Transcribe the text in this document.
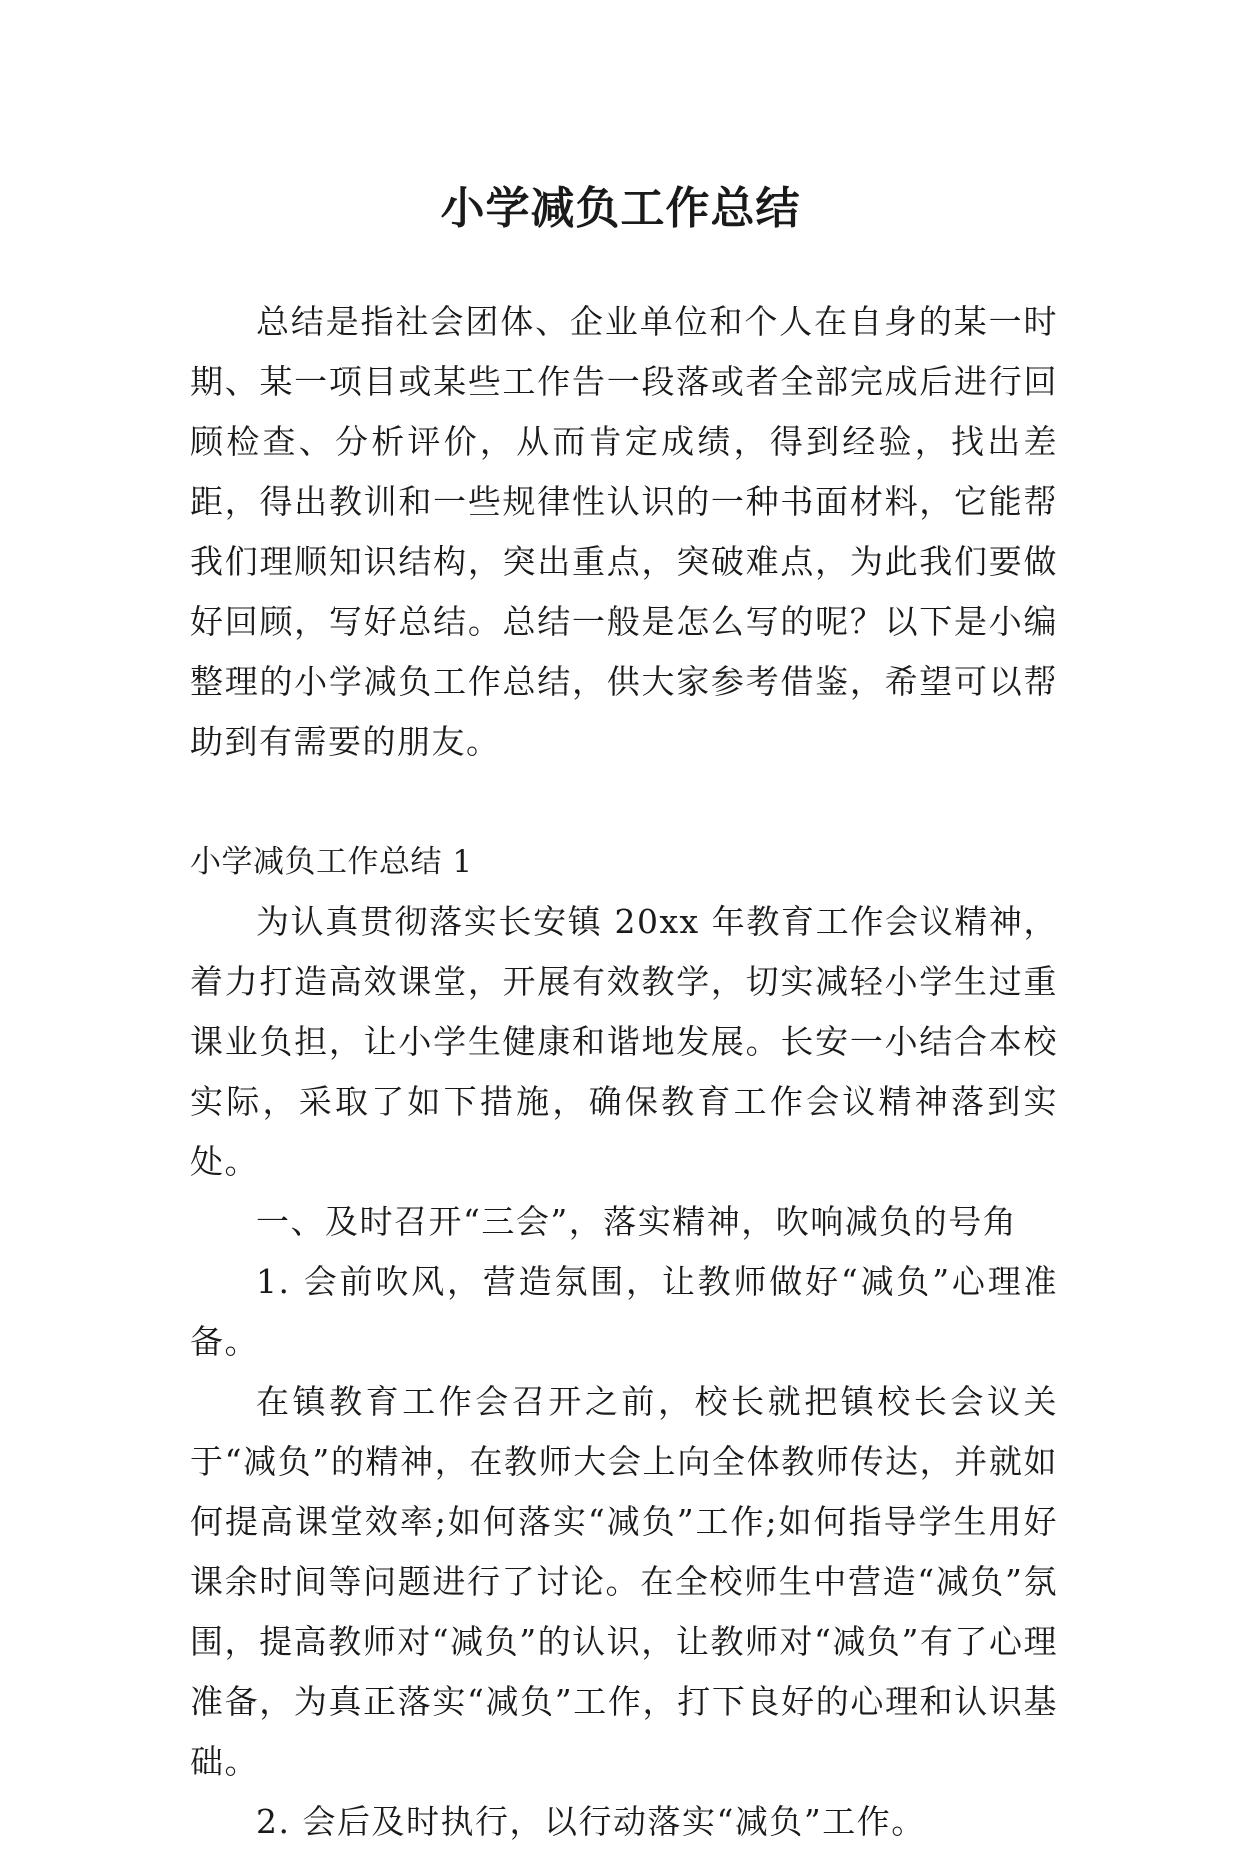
小学减负工作总结

总结是指社会团体、企业单位和个人在自身的某一时期、某一项目或某些工作告一段落或者全部完成后进行回顾检查、分析评价，从而肯定成绩，得到经验，找出差距，得出教训和一些规律性认识的一种书面材料，它能帮我们理顺知识结构，突出重点，突破难点，为此我们要做好回顾，写好总结。总结一般是怎么写的呢？以下是小编整理的小学减负工作总结，供大家参考借鉴，希望可以帮助到有需要的朋友。

小学减负工作总结 1

为认真贯彻落实长安镇 20xx 年教育工作会议精神，着力打造高效课堂，开展有效教学，切实减轻小学生过重课业负担，让小学生健康和谐地发展。长安一小结合本校实际，采取了如下措施，确保教育工作会议精神落到实处。

一、及时召开“三会”，落实精神，吹响减负的号角

1. 会前吹风，营造氛围，让教师做好“减负”心理准备。

在镇教育工作会召开之前，校长就把镇校长会议关于“减负”的精神，在教师大会上向全体教师传达，并就如何提高课堂效率;如何落实“减负”工作;如何指导学生用好课余时间等问题进行了讨论。在全校师生中营造“减负”氛围，提高教师对“减负”的认识，让教师对“减负”有了心理准备，为真正落实“减负”工作，打下良好的心理和认识基础。

2. 会后及时执行，以行动落实“减负”工作。
